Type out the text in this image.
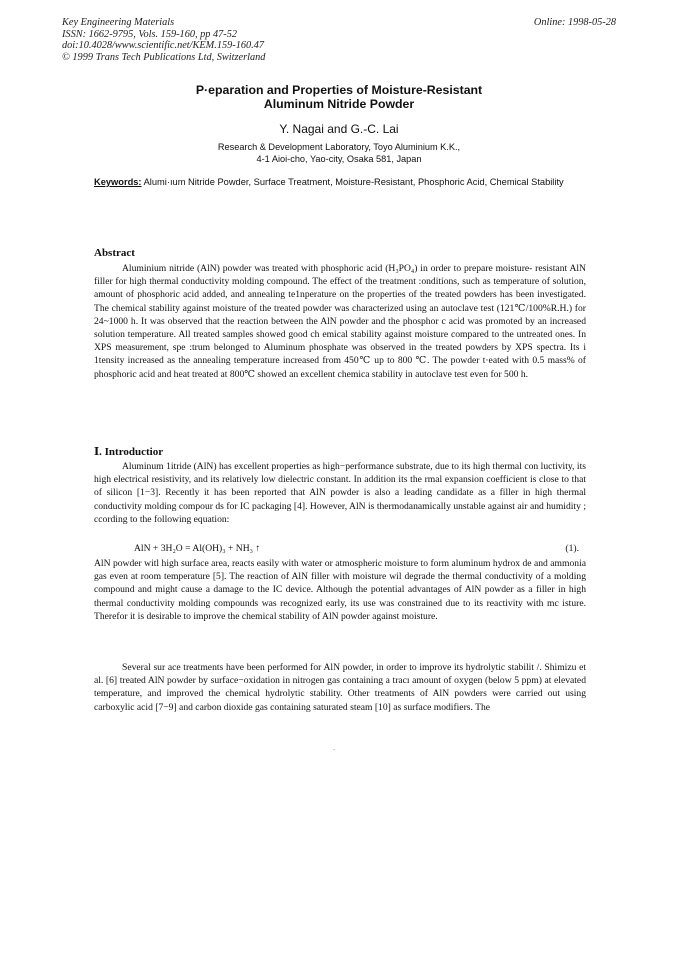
Key Engineering Materials
ISSN: 1662-9795, Vols. 159-160, pp 47-52
doi:10.4028/www.scientific.net/KEM.159-160.47
© 1999 Trans Tech Publications Ltd, Switzerland
Online: 1998-05-28
P·eparation and Properties of Moisture-Resistant
Aluminum Nitride Powder
Y. Nagai and G.-C. Lai
Research & Development Laboratory, Toyo Aluminium K.K.,
4-1 Aioi-cho, Yao-city, Osaka 581, Japan
Keywords: Alumi·ıum Nitride Powder, Surface Treatment, Moisture-Resistant, Phosphoric Acid, Chemical Stability
Abstract
Aluminium nitride (AlN) powder was treated with phosphoric acid (H₃PO₄) in order to prepare moisture- resistant AlN filler for high thermal conductivity molding compound. The effect of the treatment :onditions, such as temperature of solution, amount of phosphoric acid added, and annealing te1nperature on the properties of the treated powders has been investigated. The chemical stability against moisture of the treated powder was characterized using an autoclave test (121℃/100%R.H.) for 24~1000 h. It was observed that the reaction between the AlN powder and the phosphor c acid was promoted by an increased solution temperature. All treated samples showed good ch emical stability against moisture compared to the untreated ones. In XPS measurement, spe :trum belonged to Aluminum phosphate was observed in the treated powders by XPS spectra. Its i 1tensity increased as the annealing temperature increased from 450℃ up to 800 ℃. The powder t·eated with 0.5 mass% of phosphoric acid and heat treated at 800℃ showed an excellent chemica stability in autoclave test even for 500 h.
Ⅰ. Introductior
Aluminum 1itride (AlN) has excellent properties as high−performance substrate, due to its high thermal con luctivity, its high electrical resistivity, and its relatively low dielectric constant. In addition its the rmal expansion coefficient is close to that of silicon [1−3]. Recently it has been reported that AlN powder is also a leading candidate as a filler in high thermal conductivity molding compour ds for IC packaging [4]. However, AlN is thermodanamically unstable against air and humidity ; ccording to the following equation:
AlN + 3H₂O = Al(OH)₃ + NH₃ ↑	(1).
AlN powder witl high surface area, reacts easily with water or atmospheric moisture to form aluminum hydrox de and ammonia gas even at room temperature [5]. The reaction of AlN filler with moisture wil degrade the thermal conductivity of a molding compound and might cause a damage to the IC device. Although the potential advantages of AlN powder as a filler in high thermal conductivity molding compounds was recognized early, its use was constrained due to its reactivity with mc isture. Therefor it is desirable to improve the chemical stability of AlN powder against moisture.
Several sur ace treatments have been performed for AlN powder, in order to improve its hydrolytic stabilit /. Shimizu et al. [6] treated AlN powder by surface−oxidation in nitrogen gas containing a tracı amount of oxygen (below 5 ppm) at elevated temperature, and improved the chemical hydrolytic stability. Other treatments of AlN powders were carried out using carboxylic acid [7−9] and carbon dioxide gas containing saturated steam [10] as surface modifiers. The
